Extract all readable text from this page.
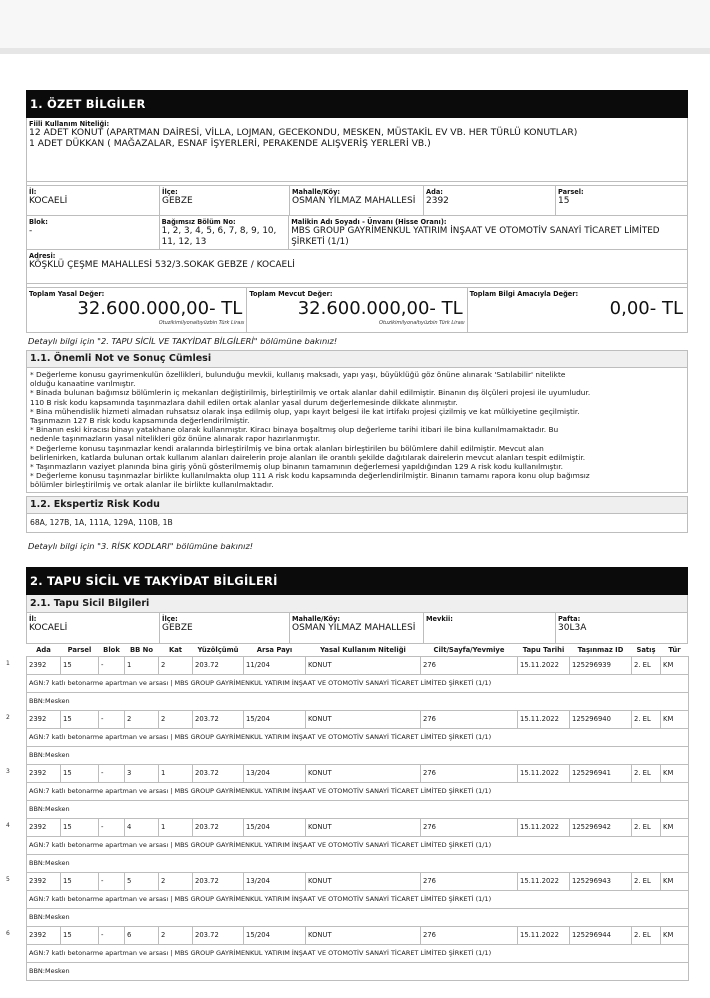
1. ÖZET BİLGİLER
Fiili Kullanım Niteliği:
12 ADET KONUT (APARTMAN DAİRESİ, VİLLA, LOJMAN, GECEKONDU, MESKEN, MÜSTAKİL EV VB. HER TÜRLÜ KONUTLAR)
1 ADET DÜKKAN ( MAĞAZALAR, ESNAF İŞYERLERİ, PERAKENDE ALIŞVERİŞ YERLERİ VB.)
İl:
KOCAELİ
İlçe:
GEBZE
Mahalle/Köy:
OSMAN YILMAZ MAHALLESİ
Ada:
2392
Parsel:
15
Blok:
-
Bağımsız Bölüm No:
1, 2, 3, 4, 5, 6, 7, 8, 9, 10, 11, 12, 13
Malikin Adı Soyadı - Ünvanı (Hisse Oranı):
MBS GROUP GAYRİMENKUL YATIRIM İNŞAAT VE OTOMOTİV SANAYİ TİCARET LİMİTED ŞİRKETİ (1/1)
Adresi:
KÖŞKLÜ ÇEŞME MAHALLESİ 532/3.SOKAK GEBZE / KOCAELİ
Toplam Yasal Değer:
32.600.000,00- TL
Otuzikimilyonaltıyüzbin Türk Lirası
Toplam Mevcut Değer:
32.600.000,00- TL
Otuzikimilyonaltıyüzbin Türk Lirası
Toplam Bilgi Amacıyla Değer:
0,00- TL
Detaylı bilgi için "2. TAPU SİCİL VE TAKYİDAT BİLGİLERİ" bölümüne bakınız!
1.1. Önemli Not ve Sonuç Cümlesi
* Değerleme konusu gayrimenkulün özellikleri, bulunduğu mevkii, kullanış maksadı, yapı yaşı, büyüklüğü göz önüne alınarak 'Satılabilir' nitelikte
olduğu kanaatine varılmıştır.
* Binada bulunan bağımsız bölümlerin iç mekanları değiştirilmiş, birleştirilmiş ve ortak alanlar dahil edilmiştir. Binanın dış ölçüleri projesi ile uyumludur.
110 B risk kodu kapsamında taşınmazlara dahil edilen ortak alanlar yasal durum değerlemesinde dikkate alınmıştır.
* Bina mühendislik hizmeti almadan ruhsatsız olarak inşa edilmiş olup, yapı kayıt belgesi ile kat irtifakı projesi çizilmiş ve kat mülkiyetine geçilmiştir.
Taşınmazın 127 B risk kodu kapsamında değerlendirilmiştir.
* Binanın eski kiracısı binayı yatakhane olarak kullanmıştır. Kiracı binaya boşaltmış olup değerleme tarihi itibari ile bina kullanılmamaktadır. Bu
nedenle taşınmazların yasal nitelikleri göz önüne alınarak rapor hazırlanmıştır.
* Değerleme konusu taşınmazlar kendi aralarında birleştirilmiş ve bina ortak alanları birleştirilen bu bölümlere dahil edilmiştir. Mevcut alan
belirlenirken, katlarda bulunan ortak kullanım alanları dairelerin proje alanları ile orantılı şekilde dağıtılarak dairelerin mevcut alanları tespit edilmiştir.
* Taşınmazların vaziyet planında bina giriş yönü gösterilmemiş olup binanın tamamının değerlemesi yapıldığından 129 A risk kodu kullanılmıştır.
* Değerleme konusu taşınmazlar birlikte kullanılmakta olup 111 A risk kodu kapsamında değerlendirilmiştir. Binanın tamamı rapora konu olup bağımsız
bölümler birleştirilmiş ve ortak alanlar ile birlikte kullanılmaktadır.
1.2. Ekspertiz Risk Kodu
68A, 127B, 1A, 111A, 129A, 110B, 1B
Detaylı bilgi için "3. RİSK KODLARI" bölümüne bakınız!
2. TAPU SİCİL VE TAKYİDAT BİLGİLERİ
2.1. Tapu Sicil Bilgileri
İl:
KOCAELİ
İlçe:
GEBZE
Mahalle/Köy:
OSMAN YILMAZ MAHALLESİ
Mevkii:	Pafta:
30L3A
Ada	Parsel	Blok	BB No	Kat	Yüzölçümü	Arsa Payı	Yasal Kullanım Niteliği	Cilt/Sayfa/Yevmiye	Tapu Tarihi	Taşınmaz ID	Satış	Tür

1 2392	15	-	1	2	203.72	11/204	KONUT	276	15.11.2022	125296939	2. EL	KM
AGN:7 katlı betonarme apartman ve arsası | MBS GROUP GAYRİMENKUL YATIRIM İNŞAAT VE OTOMOTİV SANAYİ TİCARET LİMİTED ŞİRKETİ (1/1)												
BBN:Mesken												

2 2392	15	-	2	2	203.72	15/204	KONUT	276	15.11.2022	125296940	2. EL	KM
AGN:7 katlı betonarme apartman ve arsası | MBS GROUP GAYRİMENKUL YATIRIM İNŞAAT VE OTOMOTİV SANAYİ TİCARET LİMİTED ŞİRKETİ (1/1)												
BBN:Mesken												

3 2392	15	-	3	1	203.72	13/204	KONUT	276	15.11.2022	125296941	2. EL	KM
AGN:7 katlı betonarme apartman ve arsası | MBS GROUP GAYRİMENKUL YATIRIM İNŞAAT VE OTOMOTİV SANAYİ TİCARET LİMİTED ŞİRKETİ (1/1)												
BBN:Mesken												

4 2392	15	-	4	1	203.72	15/204	KONUT	276	15.11.2022	125296942	2. EL	KM
AGN:7 katlı betonarme apartman ve arsası | MBS GROUP GAYRİMENKUL YATIRIM İNŞAAT VE OTOMOTİV SANAYİ TİCARET LİMİTED ŞİRKETİ (1/1)												
BBN:Mesken												

5 2392	15	-	5	2	203.72	13/204	KONUT	276	15.11.2022	125296943	2. EL	KM
AGN:7 katlı betonarme apartman ve arsası | MBS GROUP GAYRİMENKUL YATIRIM İNŞAAT VE OTOMOTİV SANAYİ TİCARET LİMİTED ŞİRKETİ (1/1)												
BBN:Mesken												

6 2392	15	-	6	2	203.72	15/204	KONUT	276	15.11.2022	125296944	2. EL	KM
AGN:7 katlı betonarme apartman ve arsası | MBS GROUP GAYRİMENKUL YATIRIM İNŞAAT VE OTOMOTİV SANAYİ TİCARET LİMİTED ŞİRKETİ (1/1)												
BBN:Mesken												
